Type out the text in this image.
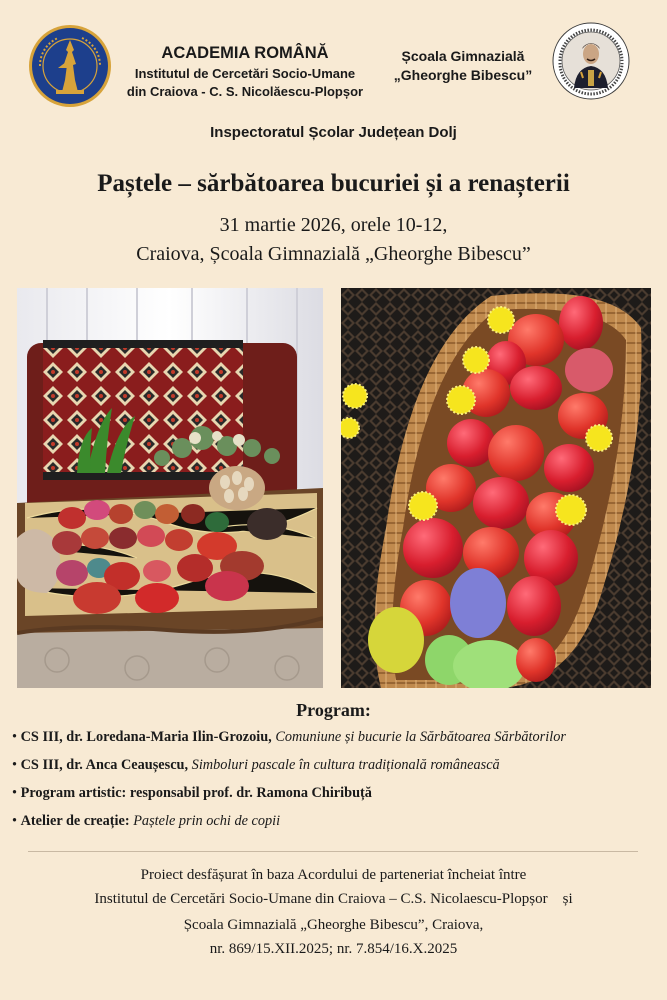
ACADEMIA ROMÂNĂ
Institutul de Cercetări Socio-Umane
din Craiova - C. S. Nicolăescu-Plopșor
Școala Gimnazială
„Gheorghe Bibescu”
Inspectoratul Școlar Județean Dolj
Paștele – sărbătoarea bucuriei și a renașterii
31 martie 2026, orele 10-12,
Craiova, Școala Gimnazială „Gheorghe Bibescu”
Program:
• CS III, dr. Loredana-Maria Ilin-Grozoiu, Comuniune și bucurie la Sărbătoarea Sărbătorilor
• CS III, dr. Anca Ceaușescu, Simboluri pascale în cultura tradițională românească
• Program artistic: responsabil prof. dr. Ramona Chiribuță
• Atelier de creație: Paștele prin ochi de copii
Proiect desfășurat în baza Acordului de parteneriat încheiat între
Institutul de Cercetări Socio-Umane din Craiova – C.S. Nicolaescu-Plopșor    și
Școala Gimnazială „Gheorghe Bibescu”, Craiova,
nr. 869/15.XII.2025; nr. 7.854/16.X.2025
